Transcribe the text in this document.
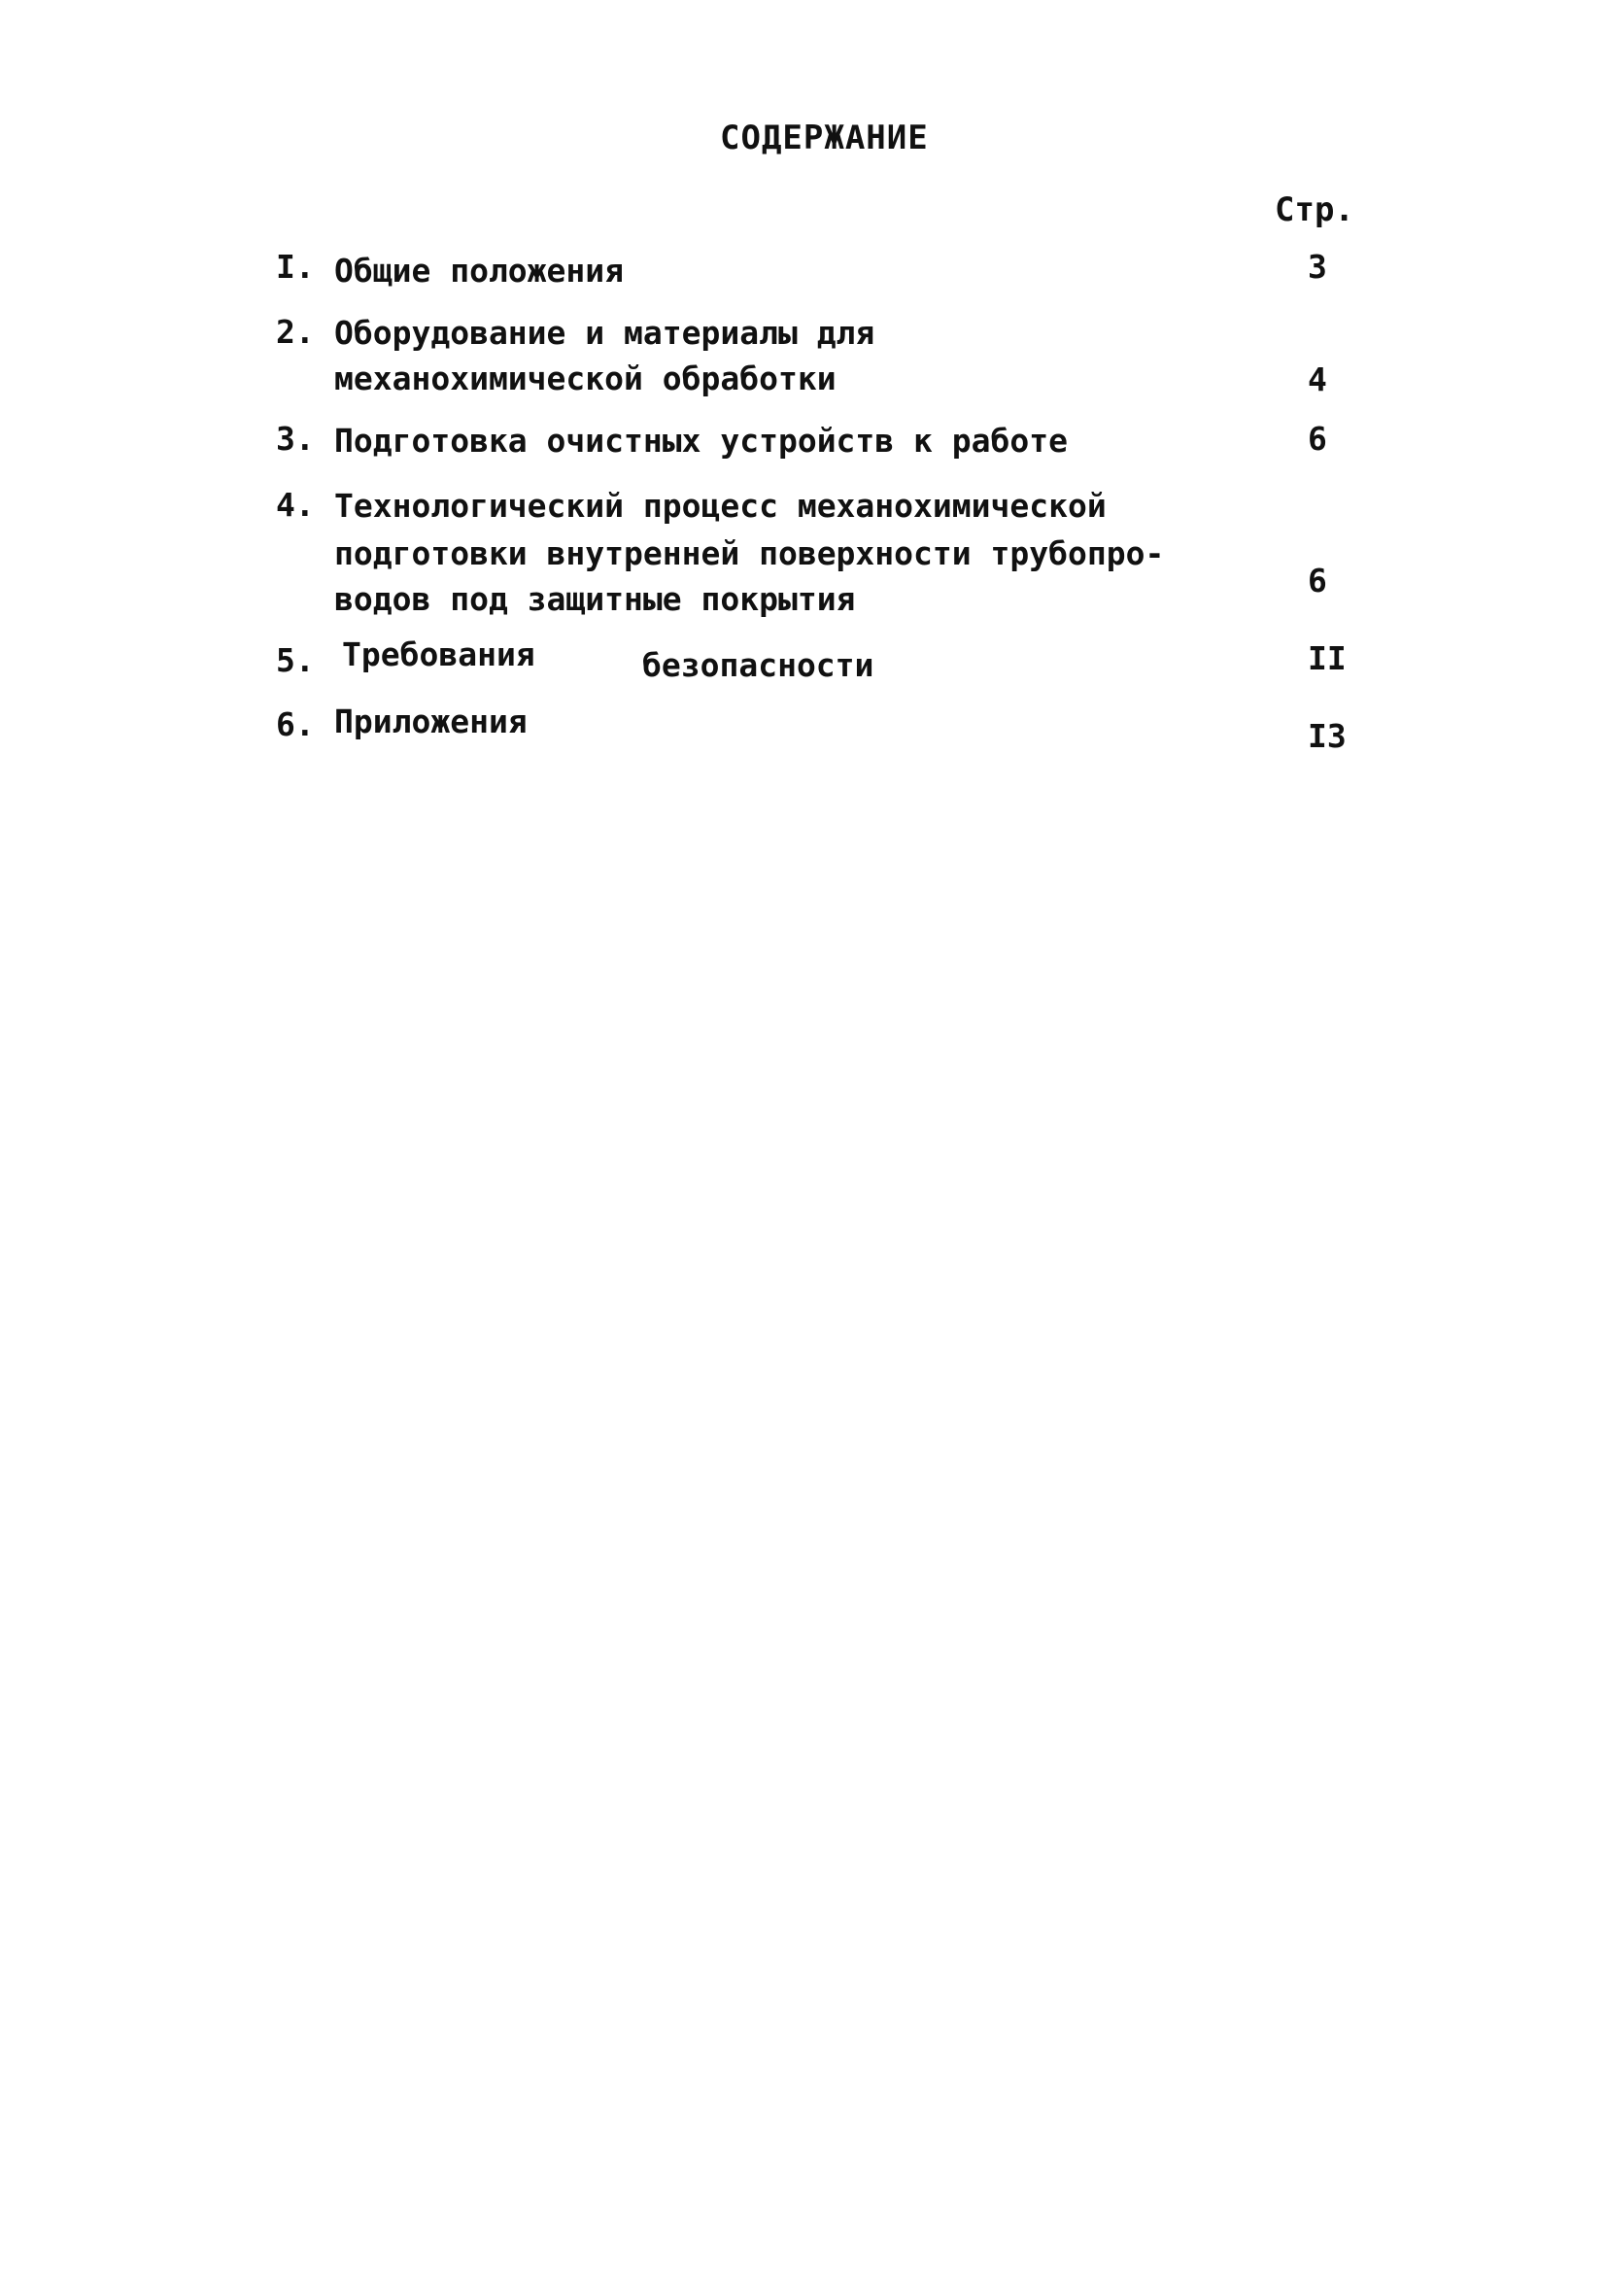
СОДЕРЖАНИЕ
Стр.
I. Общие положения	3
2. Оборудование и материалы для
механохимической обработки	4
3. Подготовка очистных устройств к работе	6
4. Технологический процесс механохимической
подготовки внутренней поверхности трубопро-
водов под защитные покрытия	6
5. Требования	безопасности	II
6. Приложения	I3
